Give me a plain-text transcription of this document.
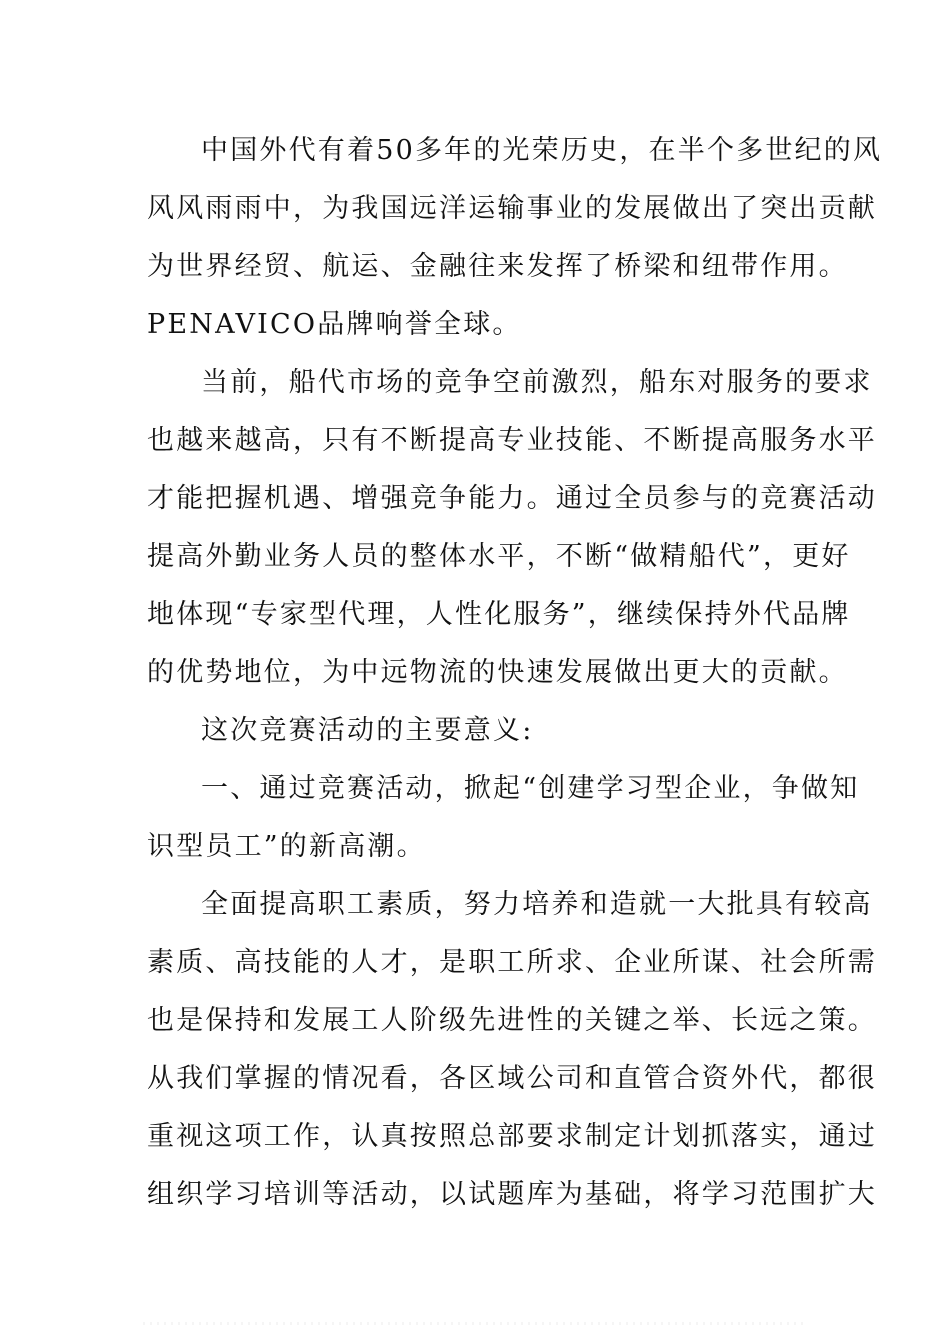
中国外代有着50多年的光荣历史，在半个多世纪的风
风风雨雨中，为我国远洋运输事业的发展做出了突出贡献
为世界经贸、航运、金融往来发挥了桥梁和纽带作用。
PENAVICO品牌响誉全球。
当前，船代市场的竞争空前激烈，船东对服务的要求
也越来越高，只有不断提高专业技能、不断提高服务水平
才能把握机遇、增强竞争能力。通过全员参与的竞赛活动
提高外勤业务人员的整体水平，不断“做精船代”，更好
地体现“专家型代理，人性化服务”，继续保持外代品牌
的优势地位，为中远物流的快速发展做出更大的贡献。
这次竞赛活动的主要意义:
一、通过竞赛活动，掀起“创建学习型企业，争做知
识型员工”的新高潮。
全面提高职工素质，努力培养和造就一大批具有较高
素质、高技能的人才，是职工所求、企业所谋、社会所需
也是保持和发展工人阶级先进性的关键之举、长远之策。
从我们掌握的情况看，各区域公司和直管合资外代，都很
重视这项工作，认真按照总部要求制定计划抓落实，通过
组织学习培训等活动，以试题库为基础，将学习范围扩大
